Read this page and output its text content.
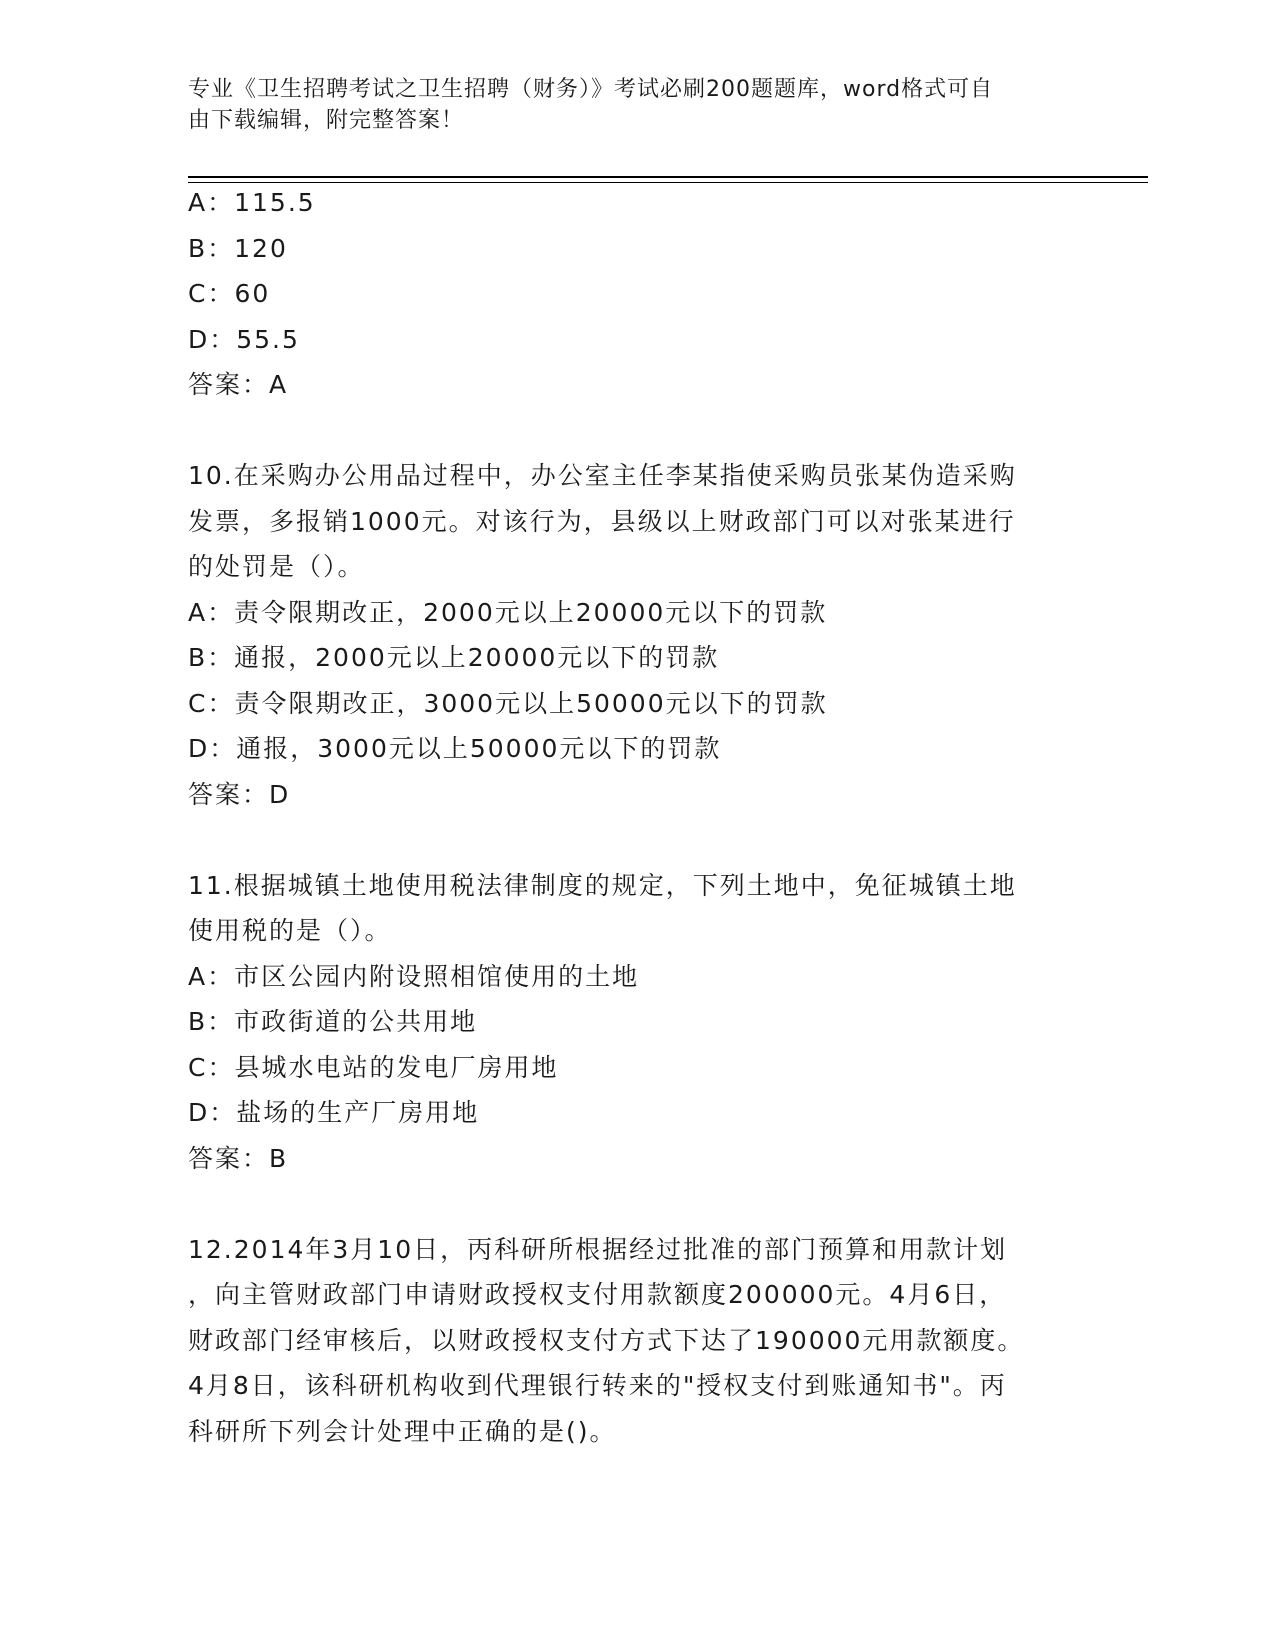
专业《卫生招聘考试之卫生招聘（财务）》考试必刷200题题库，word格式可自
由下载编辑，附完整答案！
A：115.5
B：120
C：60
D：55.5
答案：A
10.在采购办公用品过程中，办公室主任李某指使采购员张某伪造采购
发票，多报销1000元。对该行为，县级以上财政部门可以对张某进行
的处罚是（）。
A：责令限期改正，2000元以上20000元以下的罚款
B：通报，2000元以上20000元以下的罚款
C：责令限期改正，3000元以上50000元以下的罚款
D：通报，3000元以上50000元以下的罚款
答案：D
11.根据城镇土地使用税法律制度的规定，下列土地中，免征城镇土地
使用税的是（）。
A：市区公园内附设照相馆使用的土地
B：市政街道的公共用地
C：县城水电站的发电厂房用地
D：盐场的生产厂房用地
答案：B
12.2014年3月10日，丙科研所根据经过批准的部门预算和用款计划
，向主管财政部门申请财政授权支付用款额度200000元。4月6日，
财政部门经审核后，以财政授权支付方式下达了190000元用款额度。
4月8日，该科研机构收到代理银行转来的"授权支付到账通知书"。丙
科研所下列会计处理中正确的是()。
